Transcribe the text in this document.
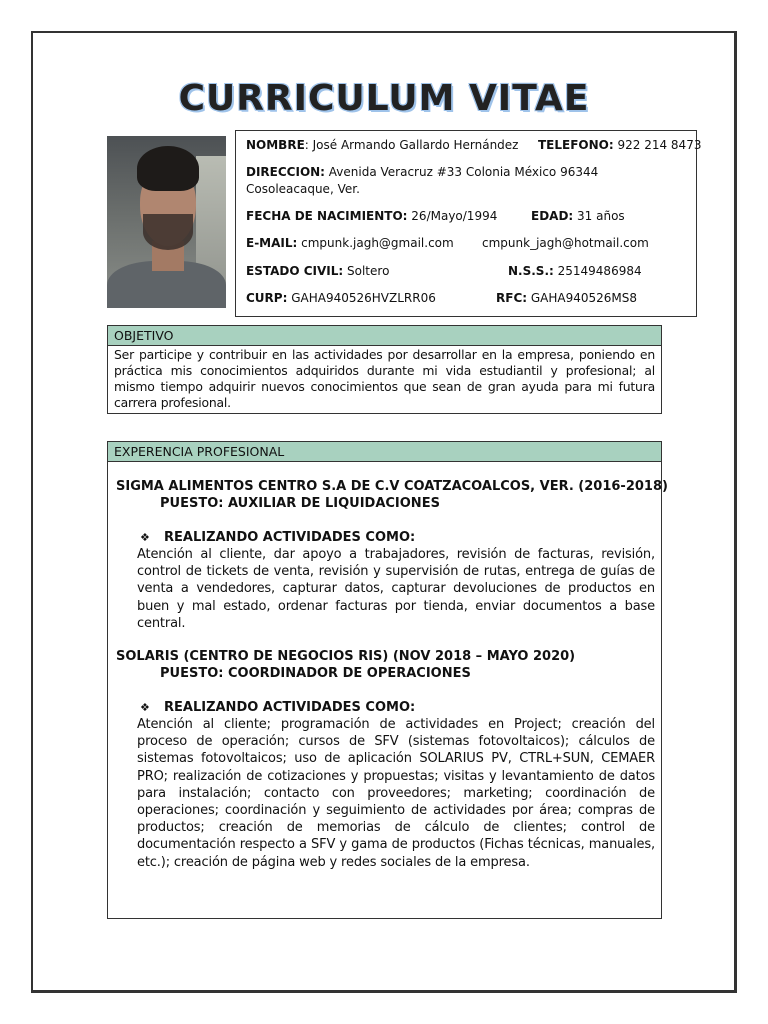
CURRICULUM VITAE
NOMBRE: José Armando Gallardo Hernández TELEFONO: 922 214 8473
DIRECCION: Avenida Veracruz #33 Colonia México 96344
Cosoleacaque, Ver.
FECHA DE NACIMIENTO: 26/Mayo/1994	EDAD: 31 años
E-MAIL: cmpunk.jagh@gmail.com cmpunk_jagh@hotmail.com
ESTADO CIVIL: Soltero	N.S.S.: 25149486984
CURP: GAHA940526HVZLRR06	RFC: GAHA940526MS8
OBJETIVO
Ser participe y contribuir en las actividades por desarrollar en la empresa, poniendo en práctica mis conocimientos adquiridos durante mi vida estudiantil y profesional; al mismo tiempo adquirir nuevos conocimientos que sean de gran ayuda para mi futura carrera profesional.
EXPERENCIA PROFESIONAL
SIGMA ALIMENTOS CENTRO S.A DE C.V COATZACOALCOS, VER. (2016-2018)
PUESTO: AUXILIAR DE LIQUIDACIONES
❖ REALIZANDO ACTIVIDADES COMO:
Atención al cliente, dar apoyo a trabajadores, revisión de facturas, revisión, control de tickets de venta, revisión y supervisión de rutas, entrega de guías de venta a vendedores, capturar datos, capturar devoluciones de productos en buen y mal estado, ordenar facturas por tienda, enviar documentos a base central.
SOLARIS (CENTRO DE NEGOCIOS RIS) (NOV 2018 – MAYO 2020)
PUESTO: COORDINADOR DE OPERACIONES
❖ REALIZANDO ACTIVIDADES COMO:
Atención al cliente; programación de actividades en Project; creación del proceso de operación; cursos de SFV (sistemas fotovoltaicos); cálculos de sistemas fotovoltaicos; uso de aplicación SOLARIUS PV, CTRL+SUN, CEMAER PRO; realización de cotizaciones y propuestas; visitas y levantamiento de datos para instalación; contacto con proveedores; marketing; coordinación de operaciones; coordinación y seguimiento de actividades por área; compras de productos; creación de memorias de cálculo de clientes; control de documentación respecto a SFV y gama de productos (Fichas técnicas, manuales, etc.); creación de página web y redes sociales de la empresa.
